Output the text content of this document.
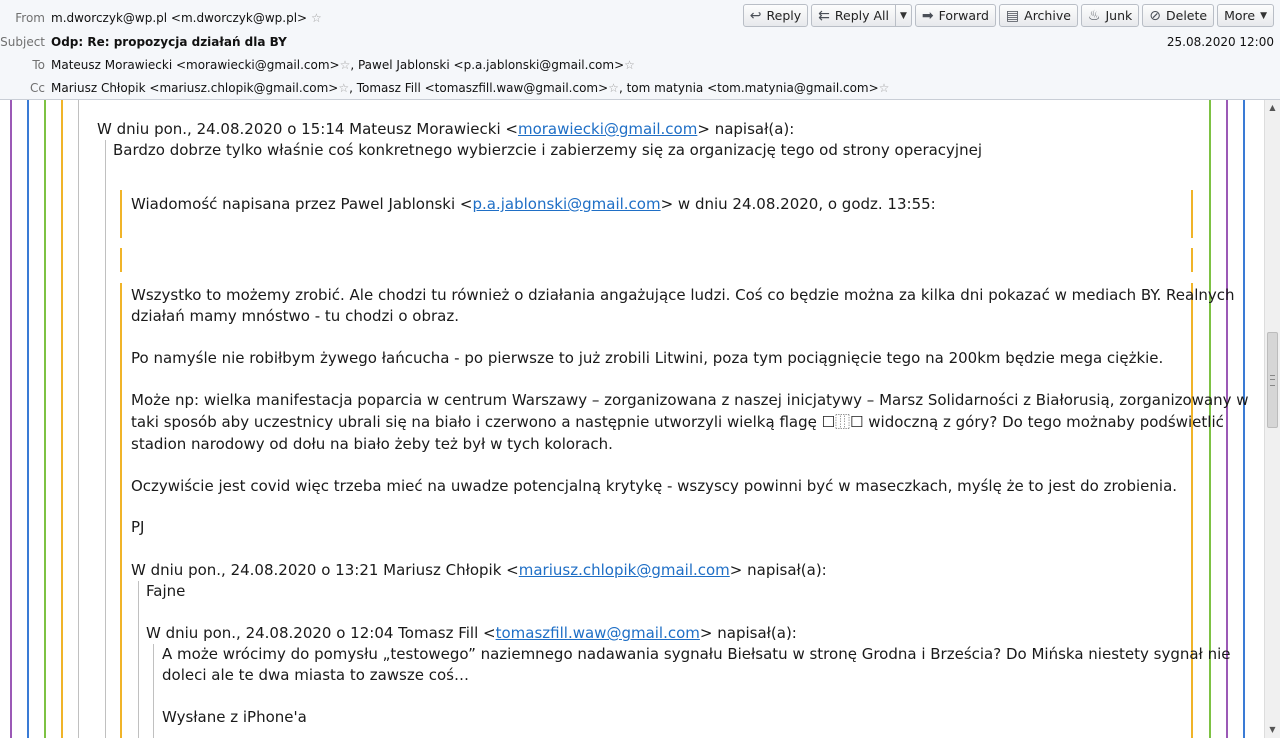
From m.dworczyk@wp.pl <m.dworczyk@wp.pl> ☆
Subject Odp: Re: propozycja działań dla BY	25.08.2020 12:00
To Mateusz Morawiecki <morawiecki@gmail.com>☆, Pawel Jablonski <p.a.jablonski@gmail.com>☆
Cc Mariusz Chłopik <mariusz.chlopik@gmail.com>☆, Tomasz Fill <tomaszfill.waw@gmail.com>☆, tom matynia <tom.matynia@gmail.com>☆
↩ Reply ⇇ Reply All ▼ ➡ Forward ▤ Archive ♨ Junk ⊘ Delete More ▼
W dniu pon., 24.08.2020 o 15:14 Mateusz Morawiecki <morawiecki@gmail.com> napisał(a):
Bardzo dobrze tylko właśnie coś konkretnego wybierzcie i zabierzemy się za organizację tego od strony operacyjnej
Wiadomość napisana przez Pawel Jablonski <p.a.jablonski@gmail.com> w dniu 24.08.2020, o godz. 13:55:
Wszystko to możemy zrobić. Ale chodzi tu również o działania angażujące ludzi. Coś co będzie można za kilka dni pokazać w mediach BY. Realnych
działań mamy mnóstwo - tu chodzi o obraz.
Po namyśle nie robiłbym żywego łańcucha - po pierwsze to już zrobili Litwini, poza tym pociągnięcie tego na 200km będzie mega ciężkie.
Może np: wielka manifestacja poparcia w centrum Warszawy – zorganizowana z naszej inicjatywy – Marsz Solidarności z Białorusią, zorganizowany w
taki sposób aby uczestnicy ubrali się na biało i czerwono a następnie utworzyli wielką flagę ☐⿲☐ widoczną z góry? Do tego możnaby podświetlić
stadion narodowy od dołu na biało żeby też był w tych kolorach.
Oczywiście jest covid więc trzeba mieć na uwadze potencjalną krytykę - wszyscy powinni być w maseczkach, myślę że to jest do zrobienia.
PJ
W dniu pon., 24.08.2020 o 13:21 Mariusz Chłopik <mariusz.chlopik@gmail.com> napisał(a):
Fajne
W dniu pon., 24.08.2020 o 12:04 Tomasz Fill <tomaszfill.waw@gmail.com> napisał(a):
A może wrócimy do pomysłu „testowego” naziemnego nadawania sygnału Biełsatu w stronę Grodna i Brześcia? Do Mińska niestety sygnał nie
doleci ale te dwa miasta to zawsze coś…
Wysłane z iPhone'a
▲
▼
